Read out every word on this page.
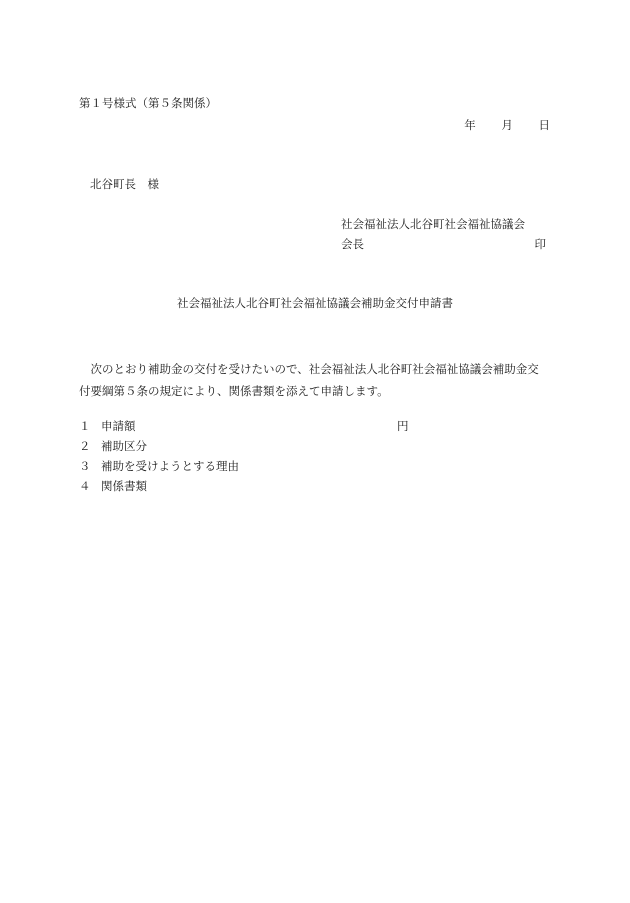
第１号様式（第５条関係）
年 月 日
北谷町長　様
社会福祉法人北谷町社会福祉協議会
会長	印
社会福祉法人北谷町社会福祉協議会補助金交付申請書
次のとおり補助金の交付を受けたいので、社会福祉法人北谷町社会福祉協議会補助金交付要綱第５条の規定により、関係書類を添えて申請します。
１ 申請額	円
２ 補助区分
３ 補助を受けようとする理由
４ 関係書類
